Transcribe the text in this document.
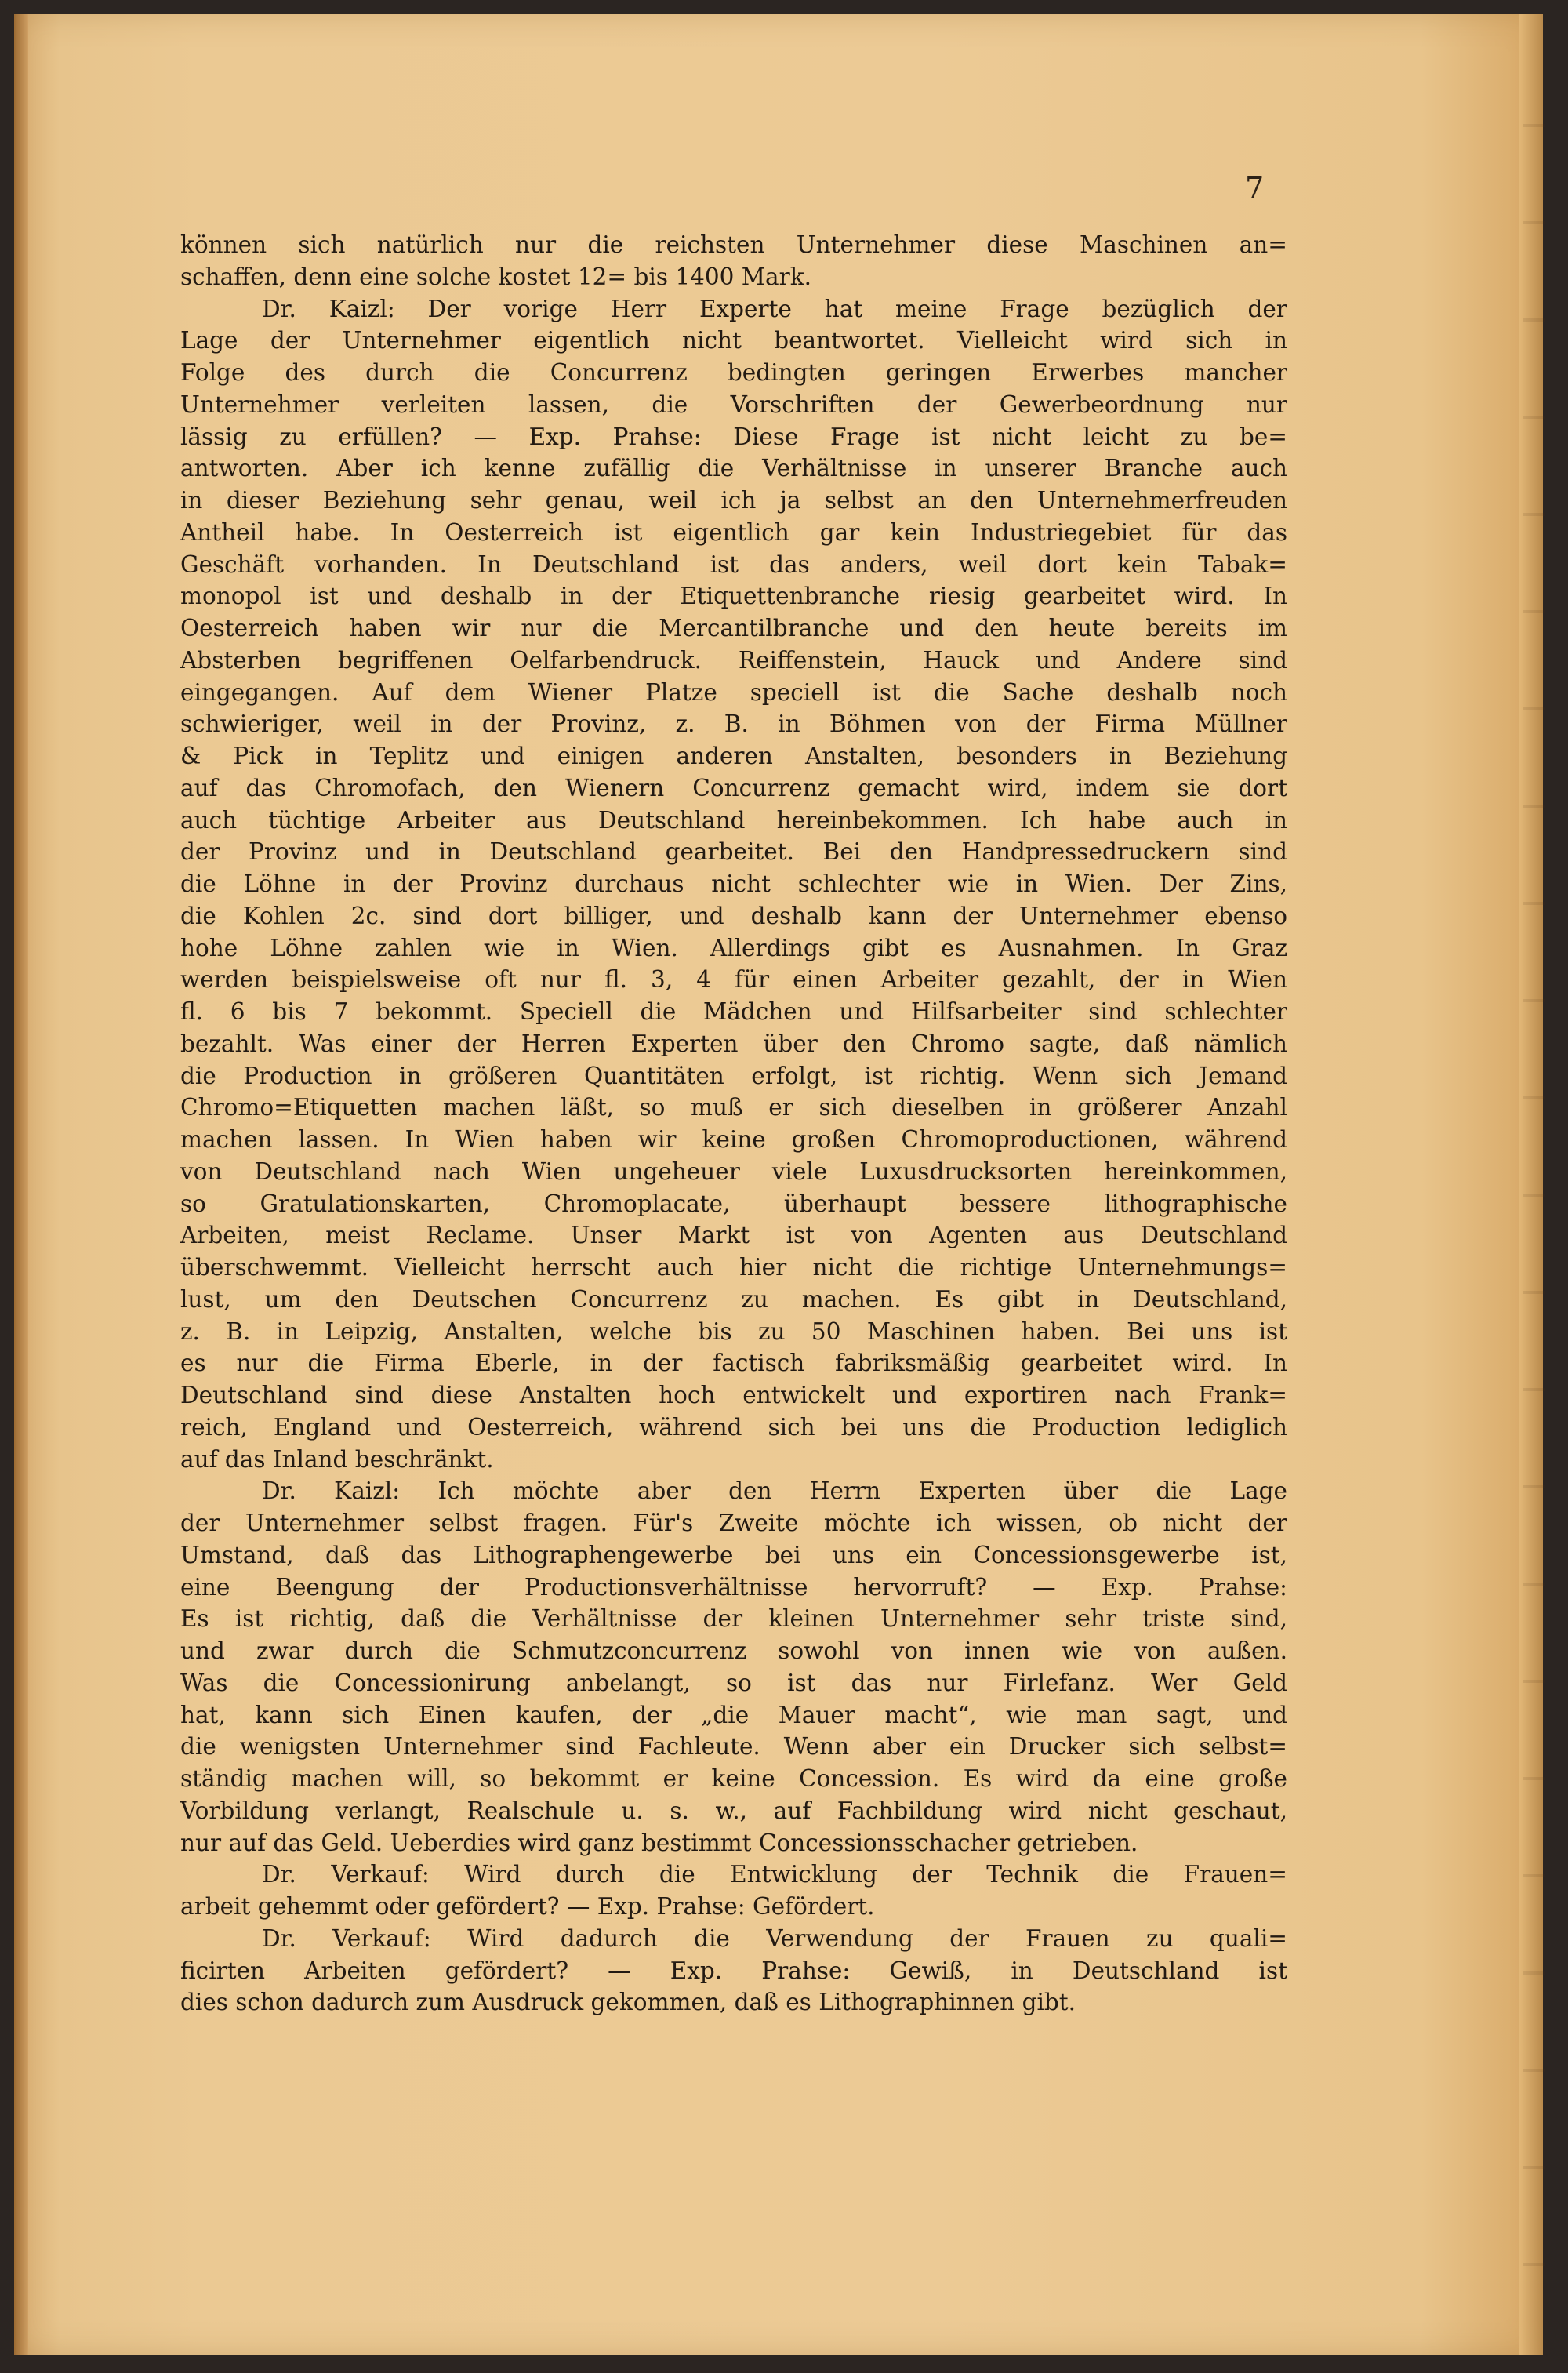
7
können sich natürlich nur die reichsten Unternehmer diese Maschinen an=
schaffen, denn eine solche kostet 12= bis 1400 Mark.
Dr. Kaizl: Der vorige Herr Experte hat meine Frage bezüglich der
Lage der Unternehmer eigentlich nicht beantwortet. Vielleicht wird sich in
Folge des durch die Concurrenz bedingten geringen Erwerbes mancher
Unternehmer verleiten lassen, die Vorschriften der Gewerbeordnung nur
lässig zu erfüllen? — Exp. Prahse: Diese Frage ist nicht leicht zu be=
antworten. Aber ich kenne zufällig die Verhältnisse in unserer Branche auch
in dieser Beziehung sehr genau, weil ich ja selbst an den Unternehmerfreuden
Antheil habe. In Oesterreich ist eigentlich gar kein Industriegebiet für das
Geschäft vorhanden. In Deutschland ist das anders, weil dort kein Tabak=
monopol ist und deshalb in der Etiquettenbranche riesig gearbeitet wird. In
Oesterreich haben wir nur die Mercantilbranche und den heute bereits im
Absterben begriffenen Oelfarbendruck. Reiffenstein, Hauck und Andere sind
eingegangen. Auf dem Wiener Platze speciell ist die Sache deshalb noch
schwieriger, weil in der Provinz, z. B. in Böhmen von der Firma Müllner
& Pick in Teplitz und einigen anderen Anstalten, besonders in Beziehung
auf das Chromofach, den Wienern Concurrenz gemacht wird, indem sie dort
auch tüchtige Arbeiter aus Deutschland hereinbekommen. Ich habe auch in
der Provinz und in Deutschland gearbeitet. Bei den Handpressedruckern sind
die Löhne in der Provinz durchaus nicht schlechter wie in Wien. Der Zins,
die Kohlen 2c. sind dort billiger, und deshalb kann der Unternehmer ebenso
hohe Löhne zahlen wie in Wien. Allerdings gibt es Ausnahmen. In Graz
werden beispielsweise oft nur fl. 3, 4 für einen Arbeiter gezahlt, der in Wien
fl. 6 bis 7 bekommt. Speciell die Mädchen und Hilfsarbeiter sind schlechter
bezahlt. Was einer der Herren Experten über den Chromo sagte, daß nämlich
die Production in größeren Quantitäten erfolgt, ist richtig. Wenn sich Jemand
Chromo=Etiquetten machen läßt, so muß er sich dieselben in größerer Anzahl
machen lassen. In Wien haben wir keine großen Chromoproductionen, während
von Deutschland nach Wien ungeheuer viele Luxusdrucksorten hereinkommen,
so Gratulationskarten, Chromoplacate, überhaupt bessere lithographische
Arbeiten, meist Reclame. Unser Markt ist von Agenten aus Deutschland
überschwemmt. Vielleicht herrscht auch hier nicht die richtige Unternehmungs=
lust, um den Deutschen Concurrenz zu machen. Es gibt in Deutschland,
z. B. in Leipzig, Anstalten, welche bis zu 50 Maschinen haben. Bei uns ist
es nur die Firma Eberle, in der factisch fabriksmäßig gearbeitet wird. In
Deutschland sind diese Anstalten hoch entwickelt und exportiren nach Frank=
reich, England und Oesterreich, während sich bei uns die Production lediglich
auf das Inland beschränkt.
Dr. Kaizl: Ich möchte aber den Herrn Experten über die Lage
der Unternehmer selbst fragen. Für's Zweite möchte ich wissen, ob nicht der
Umstand, daß das Lithographengewerbe bei uns ein Concessionsgewerbe ist,
eine Beengung der Productionsverhältnisse hervorruft? — Exp. Prahse:
Es ist richtig, daß die Verhältnisse der kleinen Unternehmer sehr triste sind,
und zwar durch die Schmutzconcurrenz sowohl von innen wie von außen.
Was die Concessionirung anbelangt, so ist das nur Firlefanz. Wer Geld
hat, kann sich Einen kaufen, der „die Mauer macht“, wie man sagt, und
die wenigsten Unternehmer sind Fachleute. Wenn aber ein Drucker sich selbst=
ständig machen will, so bekommt er keine Concession. Es wird da eine große
Vorbildung verlangt, Realschule u. s. w., auf Fachbildung wird nicht geschaut,
nur auf das Geld. Ueberdies wird ganz bestimmt Concessionsschacher getrieben.
Dr. Verkauf: Wird durch die Entwicklung der Technik die Frauen=
arbeit gehemmt oder gefördert? — Exp. Prahse: Gefördert.
Dr. Verkauf: Wird dadurch die Verwendung der Frauen zu quali=
ficirten Arbeiten gefördert? — Exp. Prahse: Gewiß, in Deutschland ist
dies schon dadurch zum Ausdruck gekommen, daß es Lithographinnen gibt.
